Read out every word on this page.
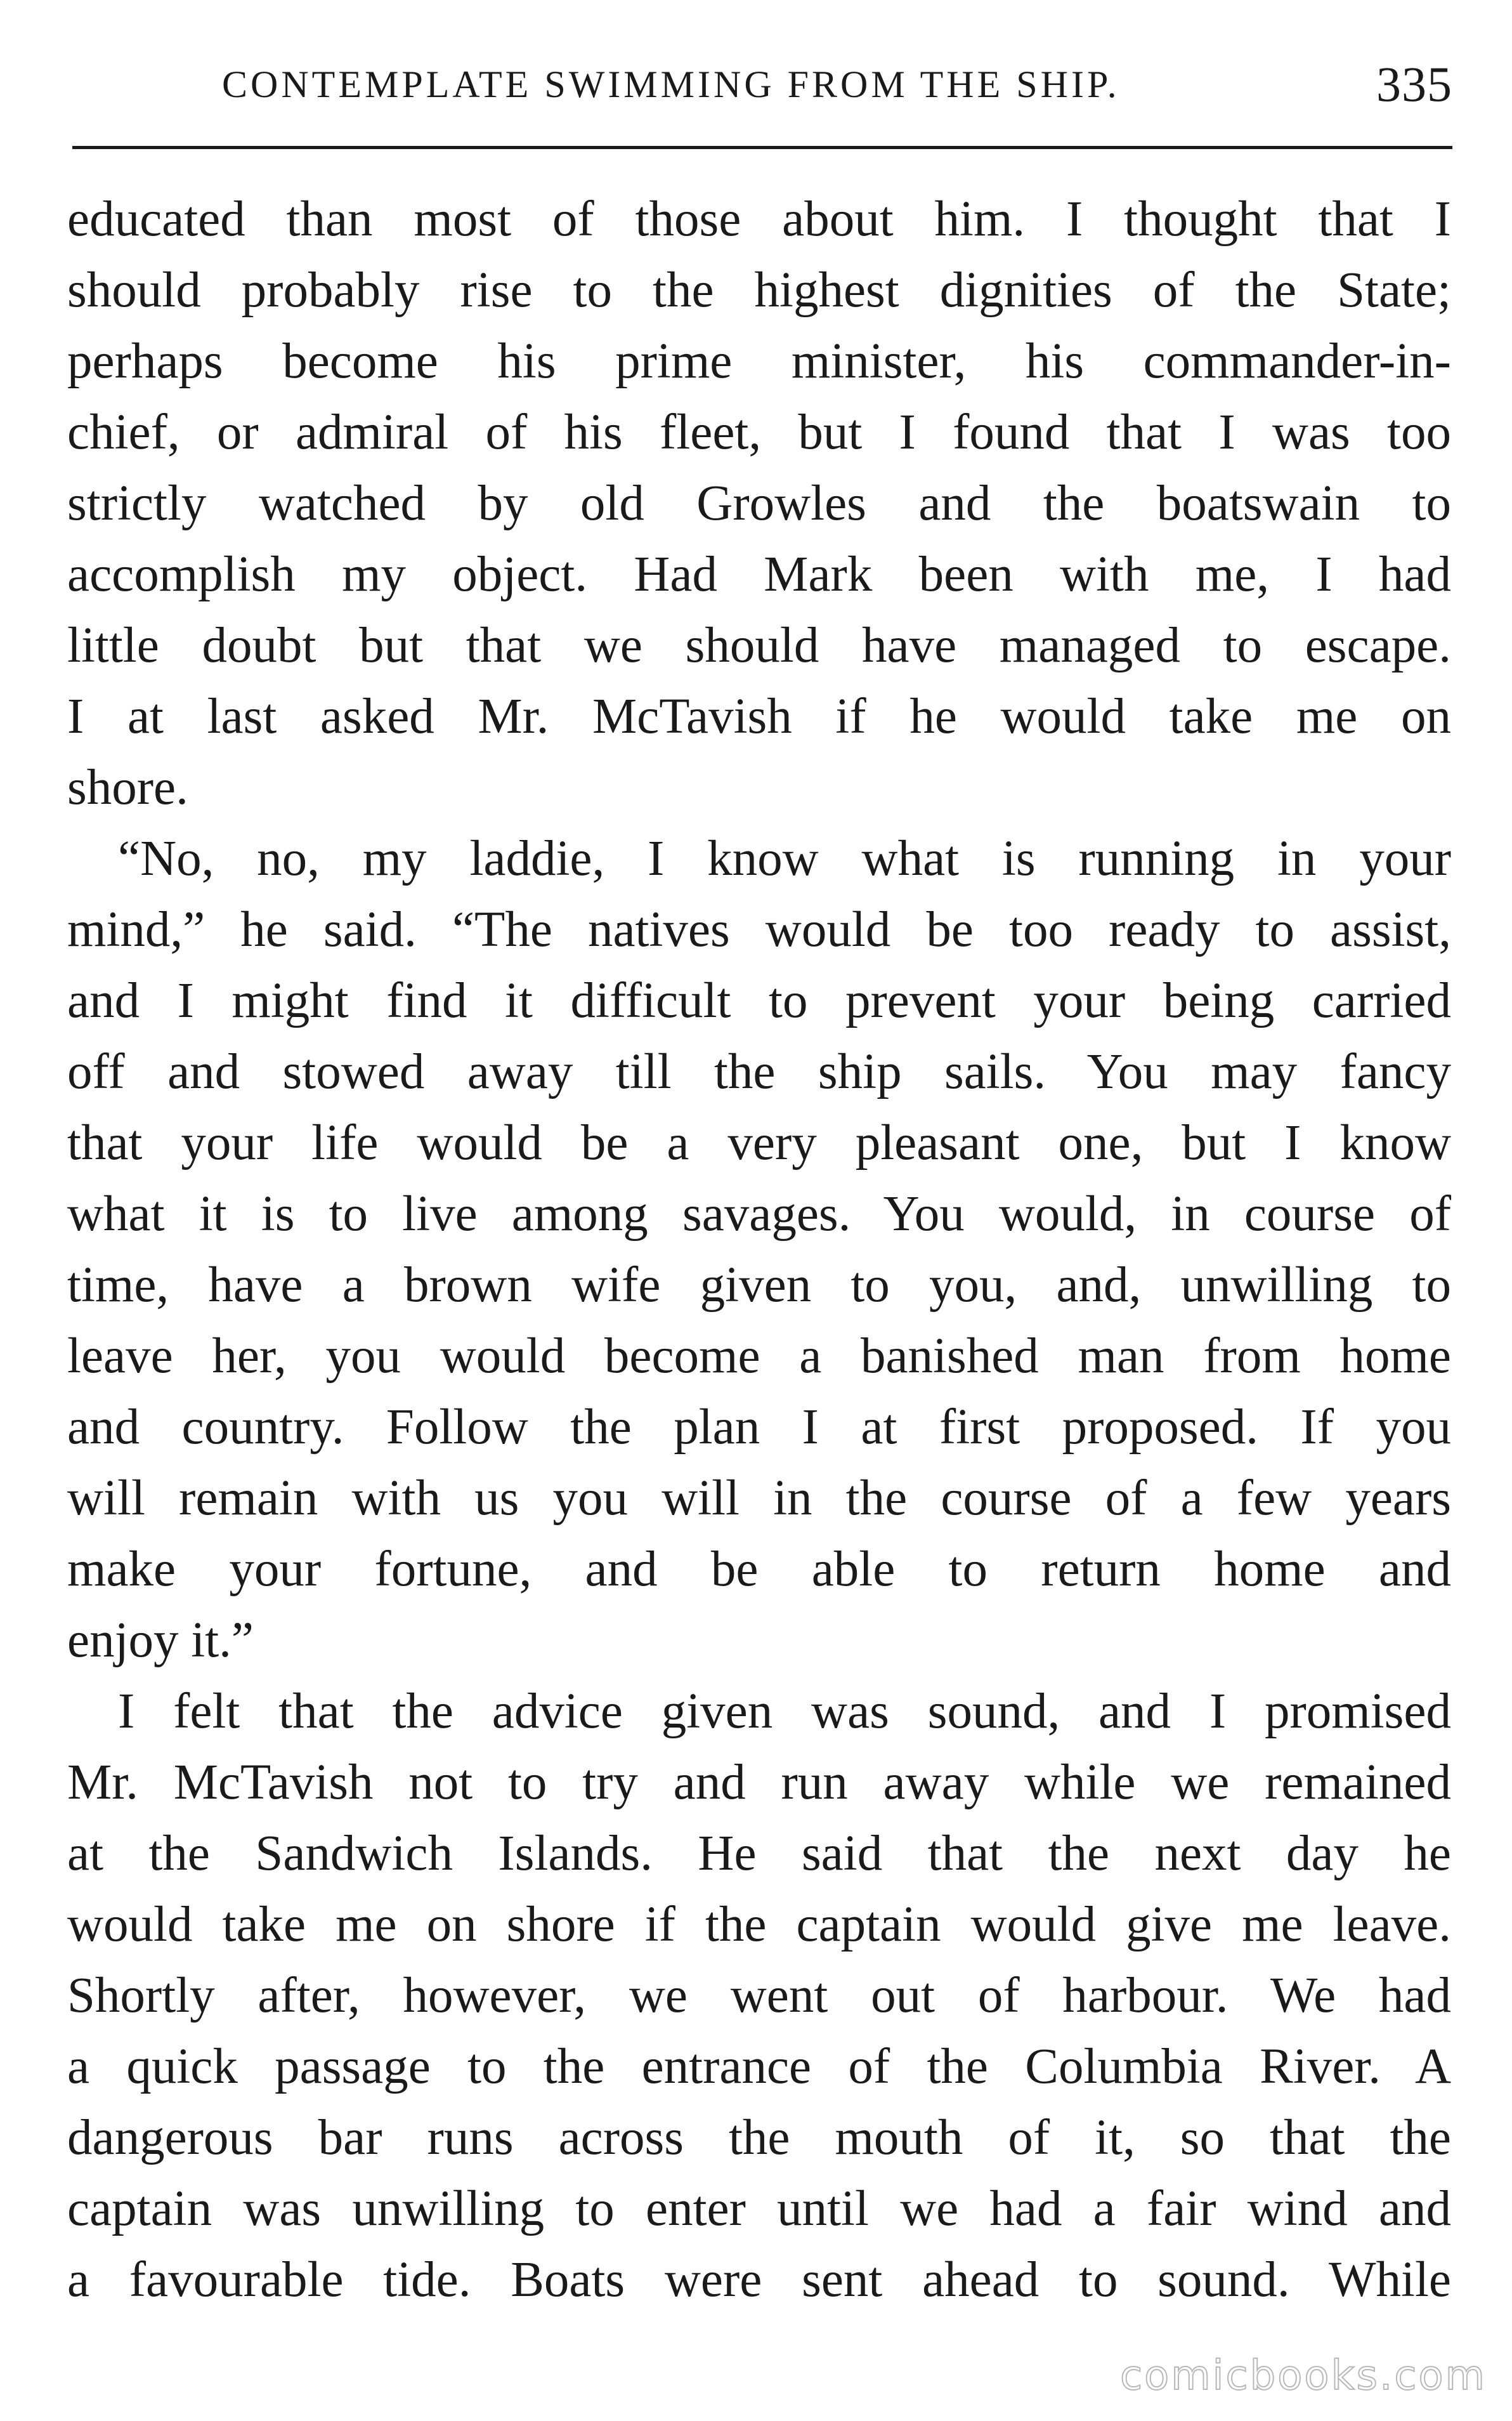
CONTEMPLATE SWIMMING FROM THE SHIP.	335
educated than most of those about him. I thought that I
should probably rise to the highest dignities of the State;
perhaps become his prime minister, his commander-in-
chief, or admiral of his fleet, but I found that I was too
strictly watched by old Growles and the boatswain to
accomplish my object. Had Mark been with me, I had
little doubt but that we should have managed to escape.
I at last asked Mr. McTavish if he would take me on
shore.
“No, no, my laddie, I know what is running in your
mind,” he said. “The natives would be too ready to assist,
and I might find it difficult to prevent your being carried
off and stowed away till the ship sails. You may fancy
that your life would be a very pleasant one, but I know
what it is to live among savages. You would, in course of
time, have a brown wife given to you, and, unwilling to
leave her, you would become a banished man from home
and country. Follow the plan I at first proposed. If you
will remain with us you will in the course of a few years
make your fortune, and be able to return home and
enjoy it.”
I felt that the advice given was sound, and I promised
Mr. McTavish not to try and run away while we remained
at the Sandwich Islands. He said that the next day he
would take me on shore if the captain would give me leave.
Shortly after, however, we went out of harbour. We had
a quick passage to the entrance of the Columbia River. A
dangerous bar runs across the mouth of it, so that the
captain was unwilling to enter until we had a fair wind and
a favourable tide. Boats were sent ahead to sound. While
comicbooks.com
